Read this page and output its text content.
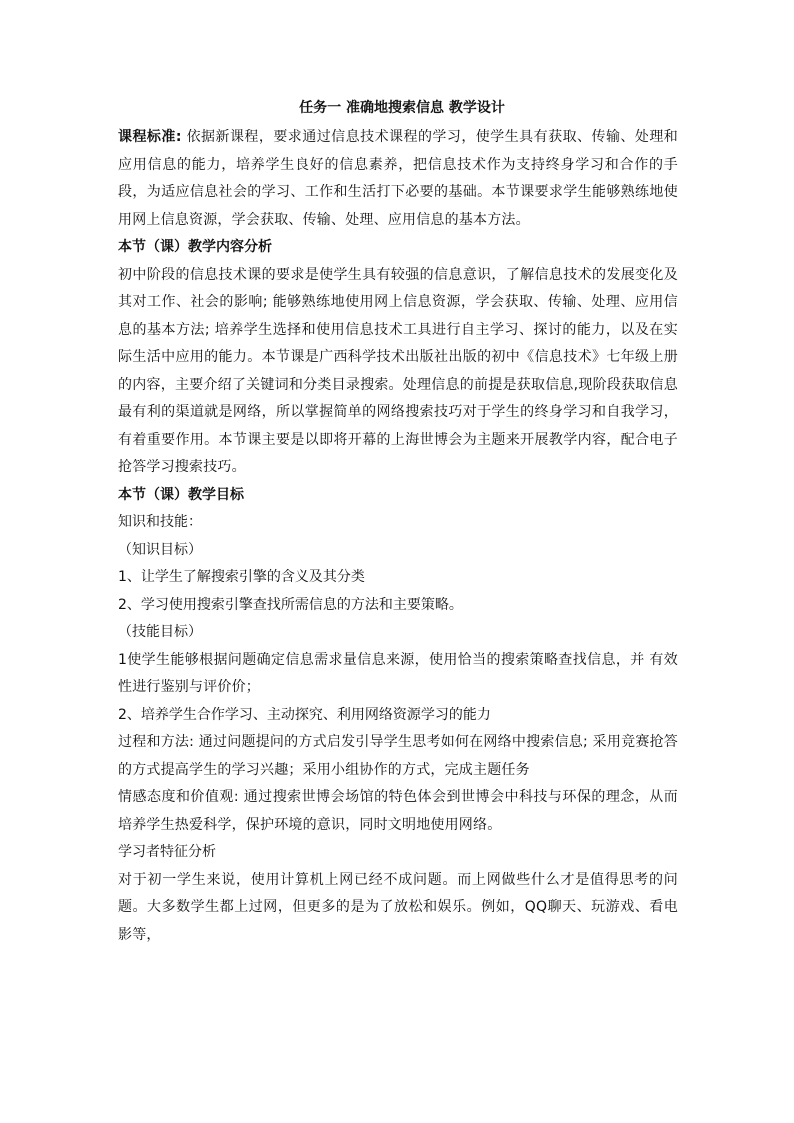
任务一 准确地搜索信息 教学设计

课程标准: 依据新课程，要求通过信息技术课程的学习，使学生具有获取、传输、处理和应用信息的能力，培养学生良好的信息素养，把信息技术作为支持终身学习和合作的手段，为适应信息社会的学习、工作和生活打下必要的基础。本节课要求学生能够熟练地使用网上信息资源，学会获取、传输、处理、应用信息的基本方法。

本节（课）教学内容分析

初中阶段的信息技术课的要求是使学生具有较强的信息意识，了解信息技术的发展变化及其对工作、社会的影响; 能够熟练地使用网上信息资源，学会获取、传输、处理、应用信息的基本方法; 培养学生选择和使用信息技术工具进行自主学习、探讨的能力，以及在实际生活中应用的能力。本节课是广西科学技术出版社出版的初中《信息技术》七年级上册的内容，主要介绍了关键词和分类目录搜索。处理信息的前提是获取信息,现阶段获取信息最有利的渠道就是网络，所以掌握简单的网络搜索技巧对于学生的终身学习和自我学习，有着重要作用。本节课主要是以即将开幕的上海世博会为主题来开展教学内容，配合电子抢答学习搜索技巧。

本节（课）教学目标

知识和技能：

（知识目标）

1、让学生了解搜索引擎的含义及其分类

2、学习使用搜索引擎查找所需信息的方法和主要策略。

（技能目标）

1使学生能够根据问题确定信息需求量信息来源，使用恰当的搜索策略查找信息，并 有效性进行鉴别与评价价；

2、培养学生合作学习、主动探究、利用网络资源学习的能力

过程和方法: 通过问题提问的方式启发引导学生思考如何在网络中搜索信息; 采用竞赛抢答的方式提高学生的学习兴趣；采用小组协作的方式，完成主题任务

情感态度和价值观: 通过搜索世博会场馆的特色体会到世博会中科技与环保的理念，从而培养学生热爱科学，保护环境的意识，同时文明地使用网络。

学习者特征分析

对于初一学生来说，使用计算机上网已经不成问题。而上网做些什么才是值得思考的问题。大多数学生都上过网，但更多的是为了放松和娱乐。例如，QQ聊天、玩游戏、看电影等，
